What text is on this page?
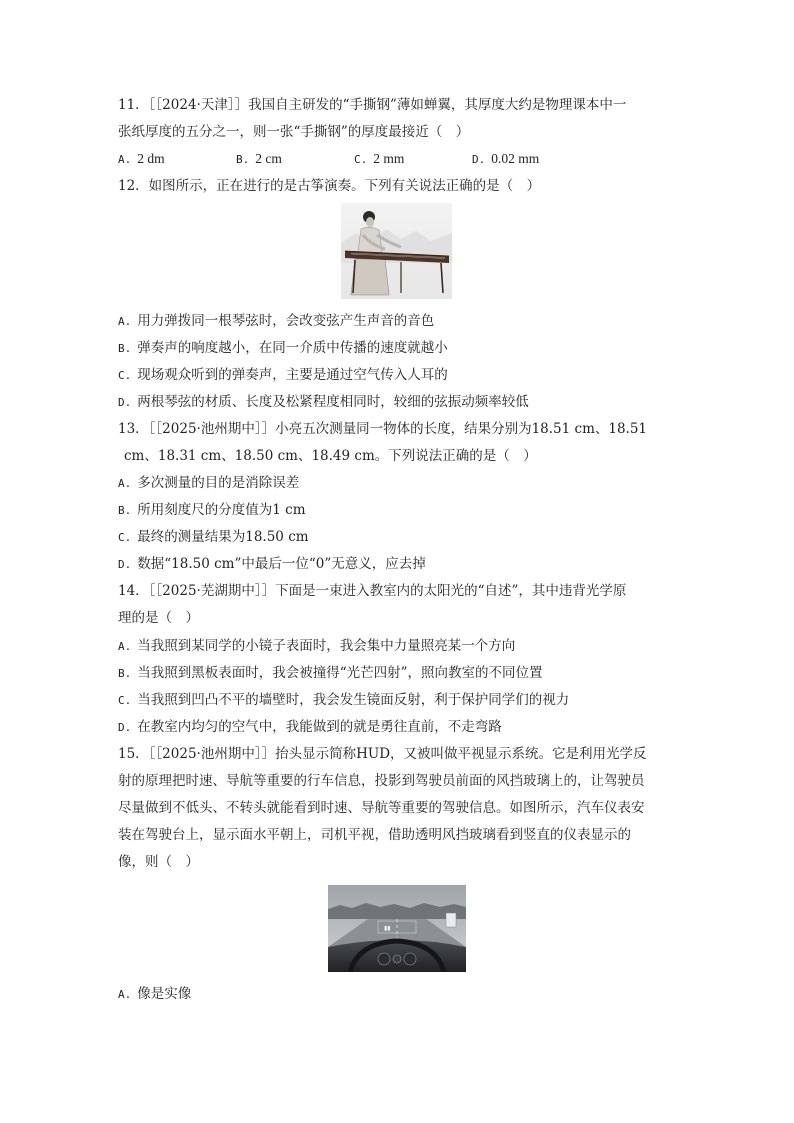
11．［［2024·天津］］我国自主研发的“手撕钢”薄如蝉翼，其厚度大约是物理课本中一
张纸厚度的五分之一，则一张“手撕钢”的厚度最接近（　）
A. 2 dm	B. 2 cm	C. 2 mm	D. 0.02 mm
12．如图所示，正在进行的是古筝演奏。下列有关说法正确的是（　）
A. 用力弹拨同一根琴弦时，会改变弦产生声音的音色
B. 弹奏声的响度越小，在同一介质中传播的速度就越小
C. 现场观众听到的弹奏声，主要是通过空气传入人耳的
D. 两根琴弦的材质、长度及松紧程度相同时，较细的弦振动频率较低
13．［［2025·池州期中］］小亮五次测量同一物体的长度，结果分别为18.51 cm、18.51
cm、18.31 cm、18.50 cm、18.49 cm。下列说法正确的是（　）
A. 多次测量的目的是消除误差
B. 所用刻度尺的分度值为1 cm
C. 最终的测量结果为18.50 cm
D. 数据“18.50 cm”中最后一位“0”无意义，应去掉
14．［［2025·芜湖期中］］下面是一束进入教室内的太阳光的“自述”，其中违背光学原
理的是（　）
A. 当我照到某同学的小镜子表面时，我会集中力量照亮某一个方向
B. 当我照到黑板表面时，我会被撞得“光芒四射”，照向教室的不同位置
C. 当我照到凹凸不平的墙壁时，我会发生镜面反射，利于保护同学们的视力
D. 在教室内均匀的空气中，我能做到的就是勇往直前，不走弯路
15．［［2025·池州期中］］抬头显示简称HUD，又被叫做平视显示系统。它是利用光学反
射的原理把时速、导航等重要的行车信息，投影到驾驶员前面的风挡玻璃上的，让驾驶员
尽量做到不低头、不转头就能看到时速、导航等重要的驾驶信息。如图所示，汽车仪表安
装在驾驶台上，显示面水平朝上，司机平视，借助透明风挡玻璃看到竖直的仪表显示的
像，则（　）
▮▮
A. 像是实像
